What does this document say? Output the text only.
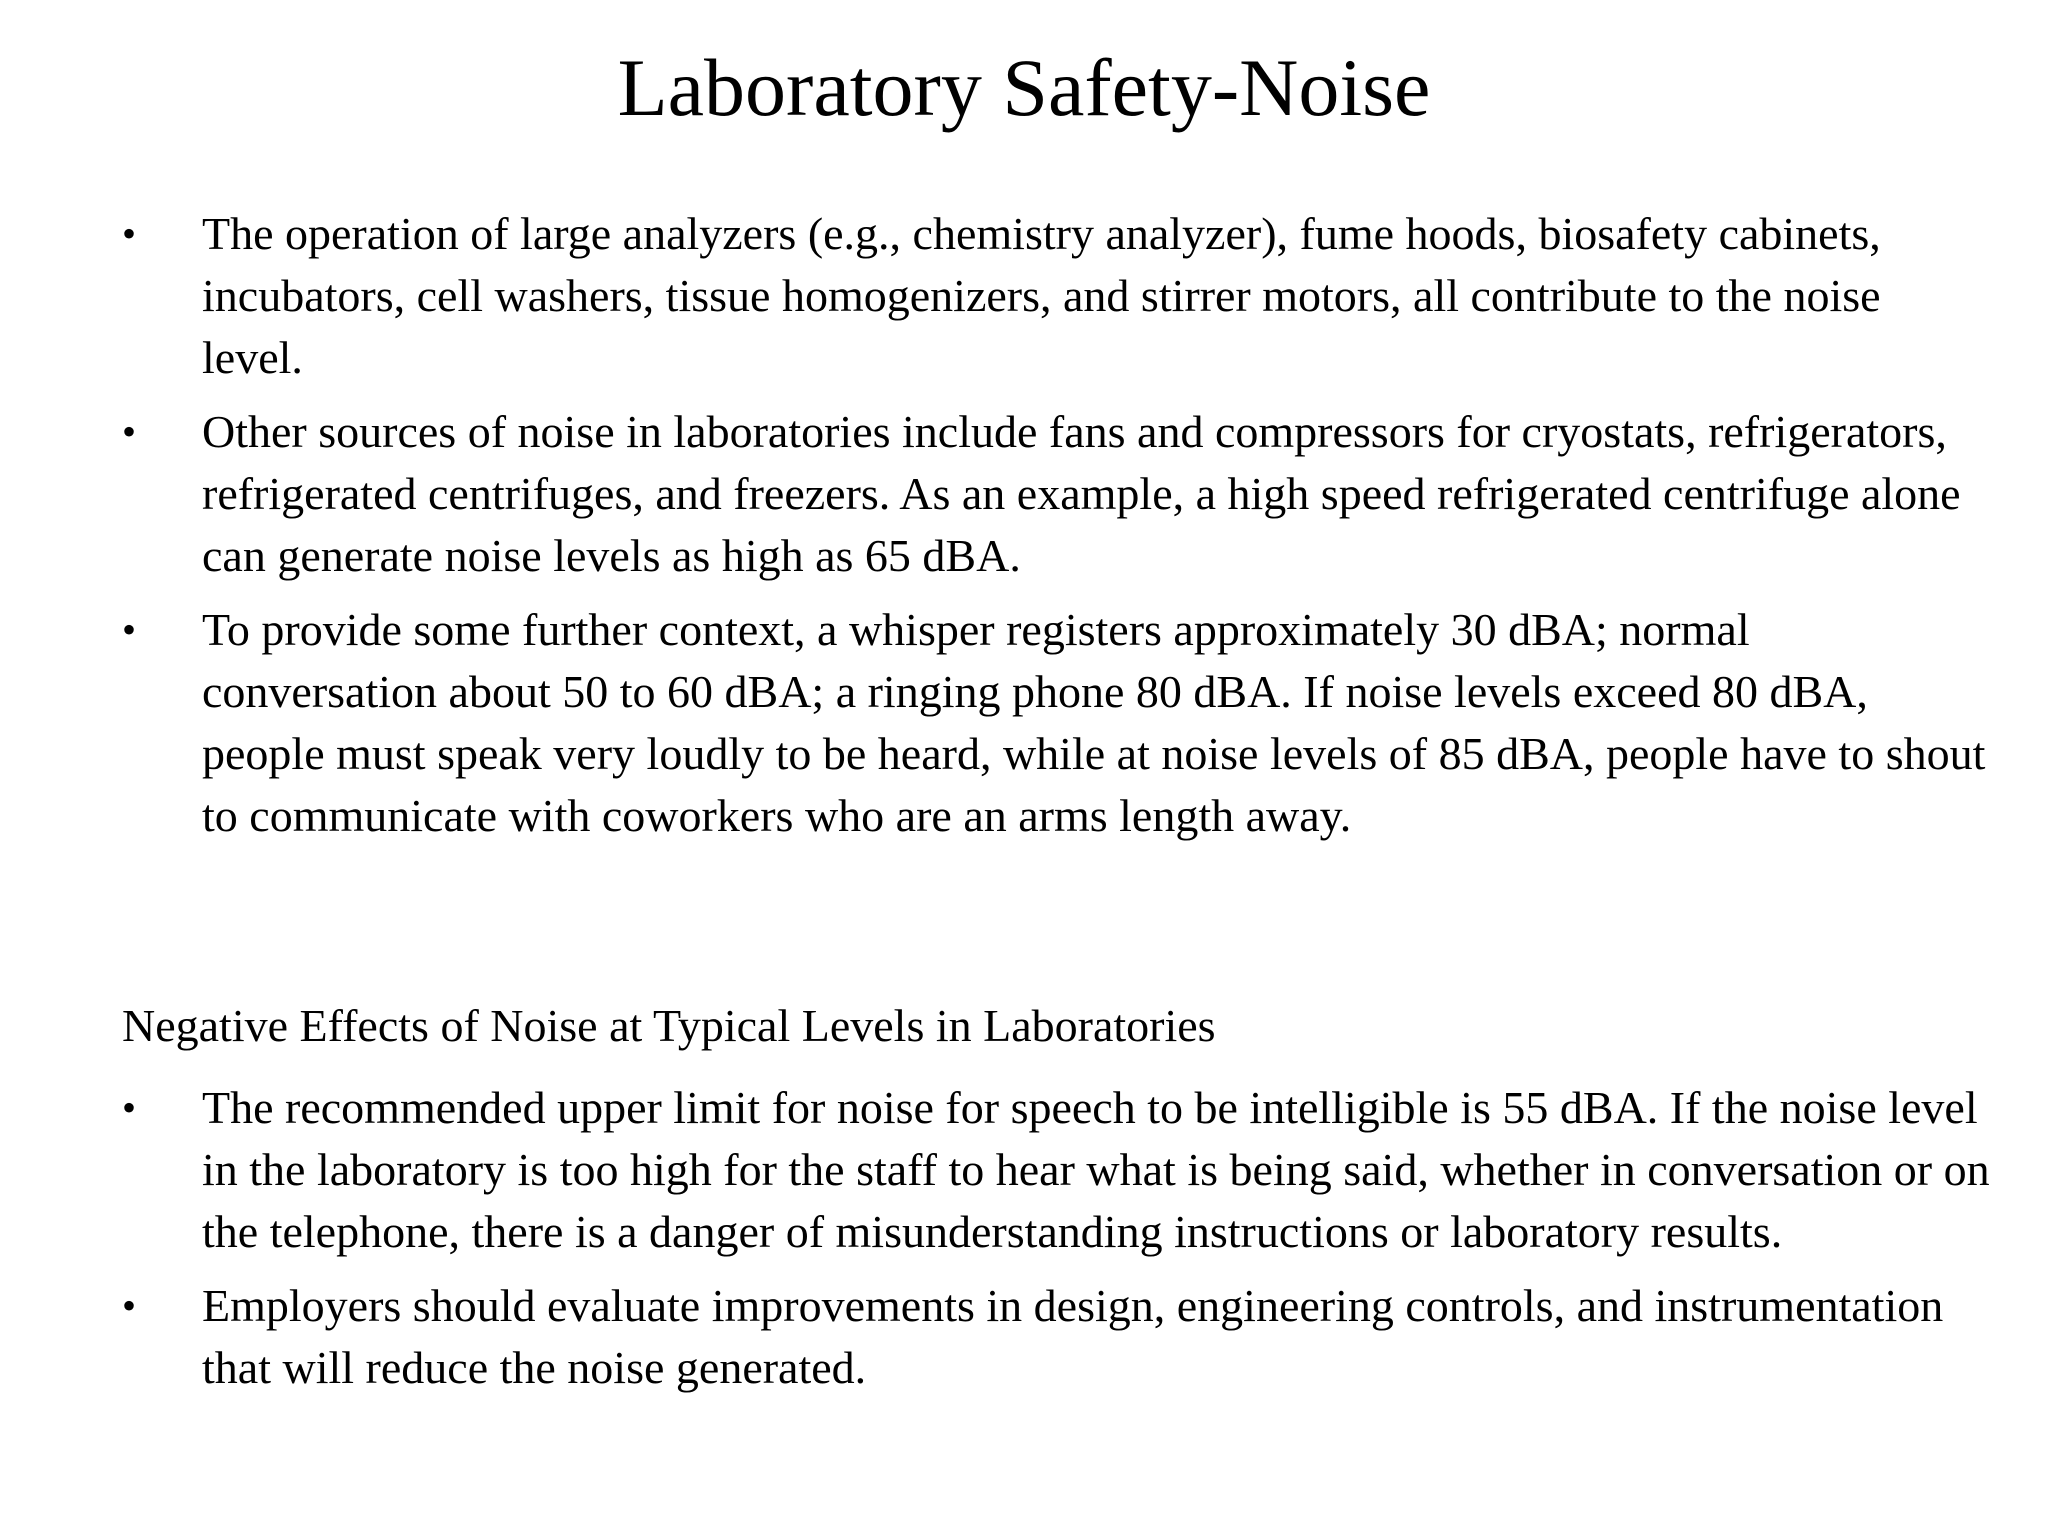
Laboratory Safety-Noise
•	The operation of large analyzers (e.g., chemistry analyzer), fume hoods, biosafety cabinets, incubators, cell washers, tissue homogenizers, and stirrer motors, all contribute to the noise level.
•	Other sources of noise in laboratories include fans and compressors for cryostats, refrigerators, refrigerated centrifuges, and freezers. As an example, a high speed refrigerated centrifuge alone can generate noise levels as high as 65 dBA.
•	To provide some further context, a whisper registers approximately 30 dBA; normal conversation about 50 to 60 dBA; a ringing phone 80 dBA. If noise levels exceed 80 dBA, people must speak very loudly to be heard, while at noise levels of 85 dBA, people have to shout to communicate with coworkers who are an arms length away.
Negative Effects of Noise at Typical Levels in Laboratories
•	The recommended upper limit for noise for speech to be intelligible is 55 dBA. If the noise level in the laboratory is too high for the staff to hear what is being said, whether in conversation or on the telephone, there is a danger of misunderstanding instructions or laboratory results.
•	Employers should evaluate improvements in design, engineering controls, and instrumentation that will reduce the noise generated.
